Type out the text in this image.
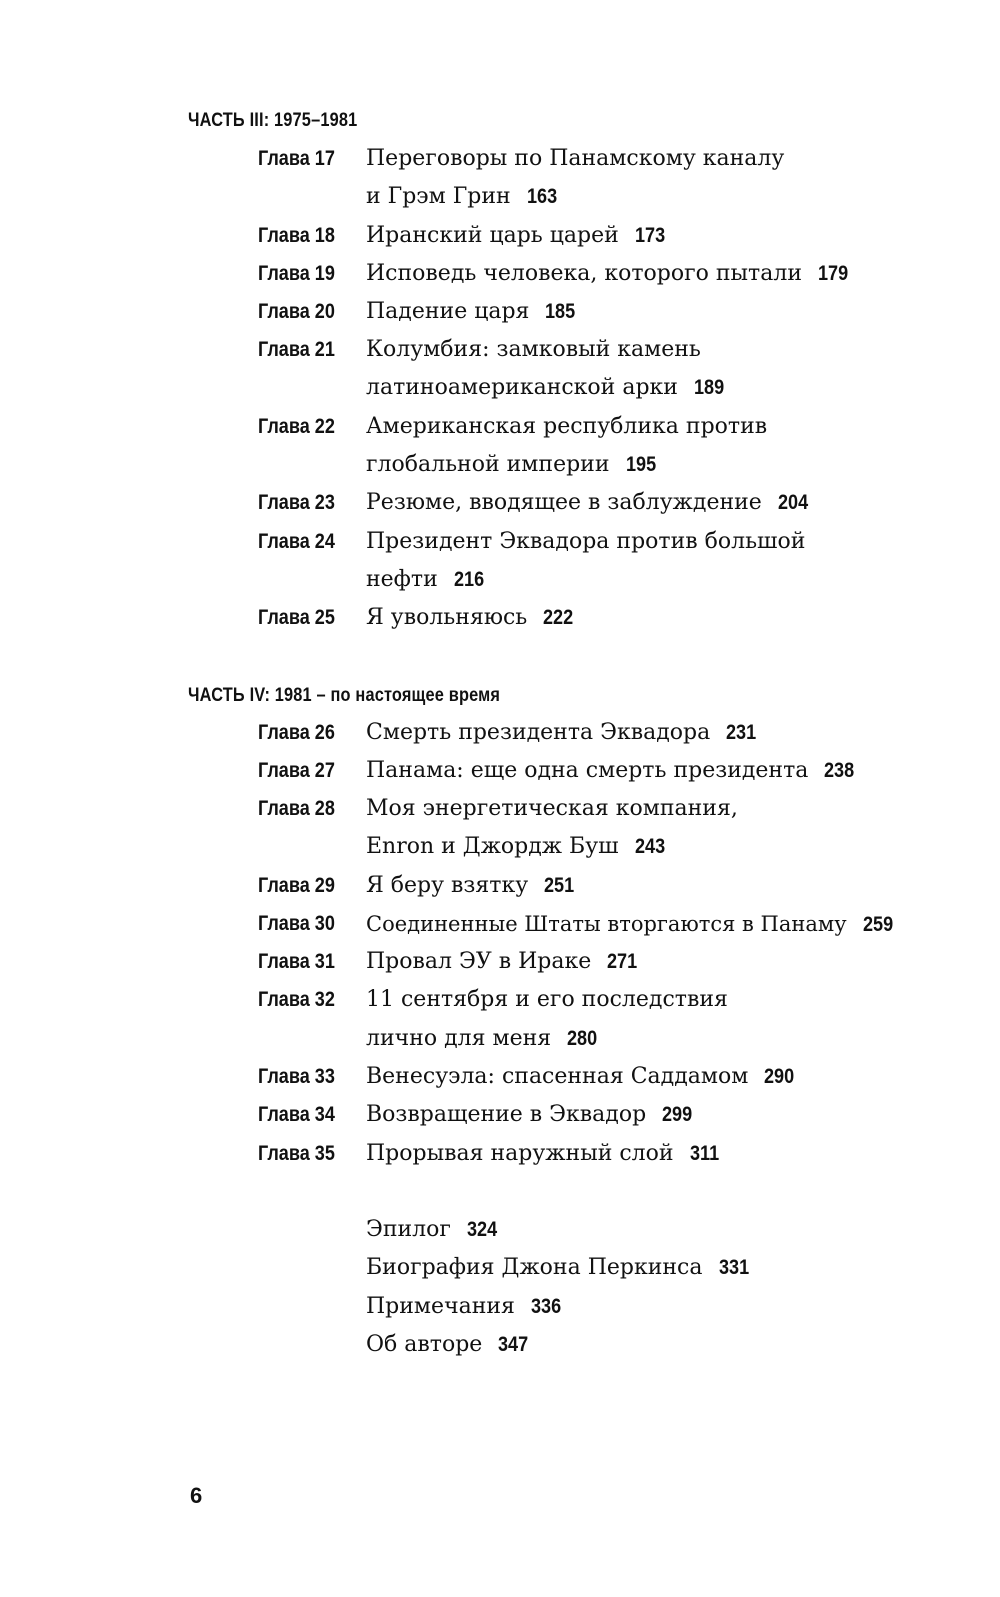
ЧАСТЬ III: 1975–1981
Глава 17 Переговоры по Панамскому каналу
и Грэм Грин 163
Глава 18 Иранский царь царей 173
Глава 19 Исповедь человека, которого пытали 179
Глава 20 Падение царя 185
Глава 21 Колумбия: замковый камень
латиноамериканской арки 189
Глава 22 Американская республика против
глобальной империи 195
Глава 23 Резюме, вводящее в заблуждение 204
Глава 24 Президент Эквадора против большой
нефти 216
Глава 25 Я увольняюсь 222
ЧАСТЬ IV: 1981 – по настоящее время
Глава 26 Смерть президента Эквадора 231
Глава 27 Панама: еще одна смерть президента 238
Глава 28 Моя энергетическая компания,
Enron и Джордж Буш 243
Глава 29 Я беру взятку 251
Глава 30 Соединенные Штаты вторгаются в Панаму 259
Глава 31 Провал ЭУ в Ираке 271
Глава 32 11 сентября и его последствия
лично для меня 280
Глава 33 Венесуэла: спасенная Саддамом 290
Глава 34 Возвращение в Эквадор 299
Глава 35 Прорывая наружный слой 311
Эпилог 324
Биография Джона Перкинса 331
Примечания 336
Об авторе 347
6
